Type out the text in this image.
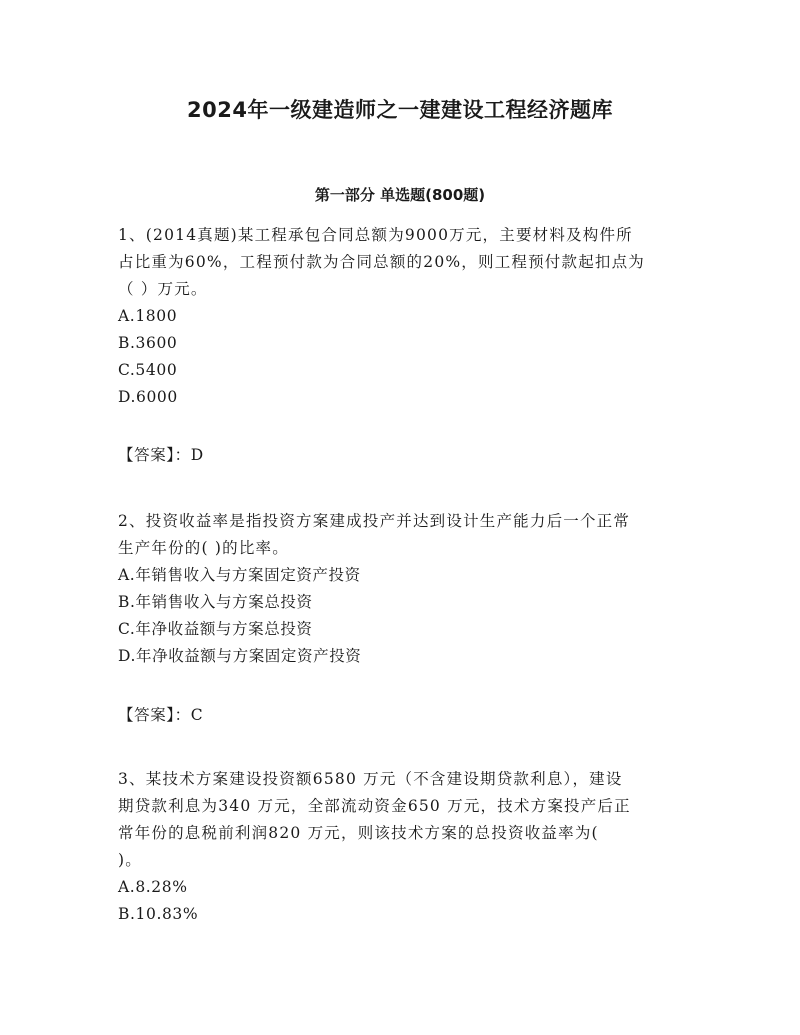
2024年一级建造师之一建建设工程经济题库
第一部分 单选题(800题)

1、(2014真题)某工程承包合同总额为9000万元，主要材料及构件所

占比重为60%，工程预付款为合同总额的20%，则工程预付款起扣点为

（ ）万元。

A.1800

B.3600

C.5400

D.6000

【答案】：D

2、投资收益率是指投资方案建成投产并达到设计生产能力后一个正常

生产年份的( )的比率。

A.年销售收入与方案固定资产投资

B.年销售收入与方案总投资

C.年净收益额与方案总投资

D.年净收益额与方案固定资产投资

【答案】：C

3、某技术方案建设投资额6580 万元（不含建设期贷款利息），建设

期贷款利息为340 万元，全部流动资金650 万元，技术方案投产后正

常年份的息税前利润820 万元，则该技术方案的总投资收益率为(

)。

A.8.28%

B.10.83%
